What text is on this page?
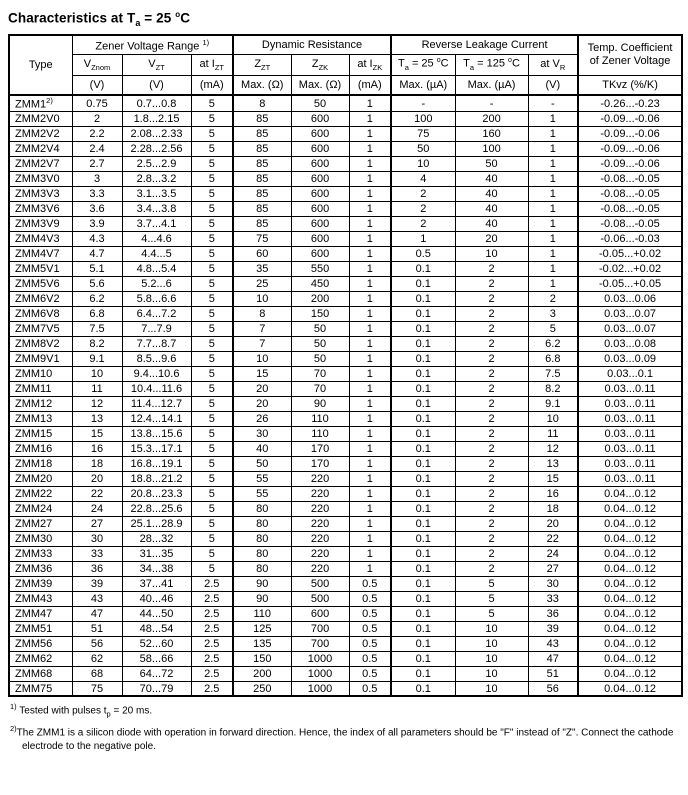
Characteristics at $T_a = 25$ $^o$C
Type	Zener Voltage Range $^{1)}$			Dynamic Resistance			Reverse Leakage Current			Temp. Coefficient of Zener Voltage
	$V_{Znom}$	$V_{ZT}$	at $I_{ZT}$	$Z_{ZT}$	$Z_{ZK}$	at $I_{ZK}$	$T_a = 25$ $^o$C	$T_a = 125$ $^o$C	at $V_R$
	(V)	(V)	(mA)	Max. (Ω)	Max. (Ω)	(mA)	Max. (µA)	Max. (µA)	(V)	TKvz (%/K)
ZMM1$^{2)}$	0.75	0.7...0.8	5	8	50	1	-	-	-	-0.26...-0.23
ZMM2V0	2	1.8...2.15	5	85	600	1	100	200	1	-0.09...-0.06
ZMM2V2	2.2	2.08...2.33	5	85	600	1	75	160	1	-0.09...-0.06
ZMM2V4	2.4	2.28...2.56	5	85	600	1	50	100	1	-0.09...-0.06
ZMM2V7	2.7	2.5...2.9	5	85	600	1	10	50	1	-0.09...-0.06
ZMM3V0	3	2.8...3.2	5	85	600	1	4	40	1	-0.08...-0.05
ZMM3V3	3.3	3.1...3.5	5	85	600	1	2	40	1	-0.08...-0.05
ZMM3V6	3.6	3.4...3.8	5	85	600	1	2	40	1	-0.08...-0.05
ZMM3V9	3.9	3.7...4.1	5	85	600	1	2	40	1	-0.08...-0.05
ZMM4V3	4.3	4...4.6	5	75	600	1	1	20	1	-0.06...-0.03
ZMM4V7	4.7	4.4...5	5	60	600	1	0.5	10	1	-0.05...+0.02
ZMM5V1	5.1	4.8...5.4	5	35	550	1	0.1	2	1	-0.02...+0.02
ZMM5V6	5.6	5.2...6	5	25	450	1	0.1	2	1	-0.05...+0.05
ZMM6V2	6.2	5.8...6.6	5	10	200	1	0.1	2	2	0.03...0.06
ZMM6V8	6.8	6.4...7.2	5	8	150	1	0.1	2	3	0.03...0.07
ZMM7V5	7.5	7...7.9	5	7	50	1	0.1	2	5	0.03...0.07
ZMM8V2	8.2	7.7...8.7	5	7	50	1	0.1	2	6.2	0.03...0.08
ZMM9V1	9.1	8.5...9.6	5	10	50	1	0.1	2	6.8	0.03...0.09
ZMM10	10	9.4...10.6	5	15	70	1	0.1	2	7.5	0.03...0.1
ZMM11	11	10.4...11.6	5	20	70	1	0.1	2	8.2	0.03...0.11
ZMM12	12	11.4...12.7	5	20	90	1	0.1	2	9.1	0.03...0.11
ZMM13	13	12.4...14.1	5	26	110	1	0.1	2	10	0.03...0.11
ZMM15	15	13.8...15.6	5	30	110	1	0.1	2	11	0.03...0.11
ZMM16	16	15.3...17.1	5	40	170	1	0.1	2	12	0.03...0.11
ZMM18	18	16.8...19.1	5	50	170	1	0.1	2	13	0.03...0.11
ZMM20	20	18.8...21.2	5	55	220	1	0.1	2	15	0.03...0.11
ZMM22	22	20.8...23.3	5	55	220	1	0.1	2	16	0.04...0.12
ZMM24	24	22.8...25.6	5	80	220	1	0.1	2	18	0.04...0.12
ZMM27	27	25.1...28.9	5	80	220	1	0.1	2	20	0.04...0.12
ZMM30	30	28...32	5	80	220	1	0.1	2	22	0.04...0.12
ZMM33	33	31...35	5	80	220	1	0.1	2	24	0.04...0.12
ZMM36	36	34...38	5	80	220	1	0.1	2	27	0.04...0.12
ZMM39	39	37...41	2.5	90	500	0.5	0.1	5	30	0.04...0.12
ZMM43	43	40...46	2.5	90	500	0.5	0.1	5	33	0.04...0.12
ZMM47	47	44...50	2.5	110	600	0.5	0.1	5	36	0.04...0.12
ZMM51	51	48...54	2.5	125	700	0.5	0.1	10	39	0.04...0.12
ZMM56	56	52...60	2.5	135	700	0.5	0.1	10	43	0.04...0.12
ZMM62	62	58...66	2.5	150	1000	0.5	0.1	10	47	0.04...0.12
ZMM68	68	64...72	2.5	200	1000	0.5	0.1	10	51	0.04...0.12
ZMM75	75	70...79	2.5	250	1000	0.5	0.1	10	56	0.04...0.12

$^{1)}$ Tested with pulses $t_p = 20$ ms.

$^{2)}$The ZMM1 is a silicon diode with operation in forward direction. Hence, the index of all parameters should be "F" instead of "Z". Connect the cathode electrode to the negative pole.
